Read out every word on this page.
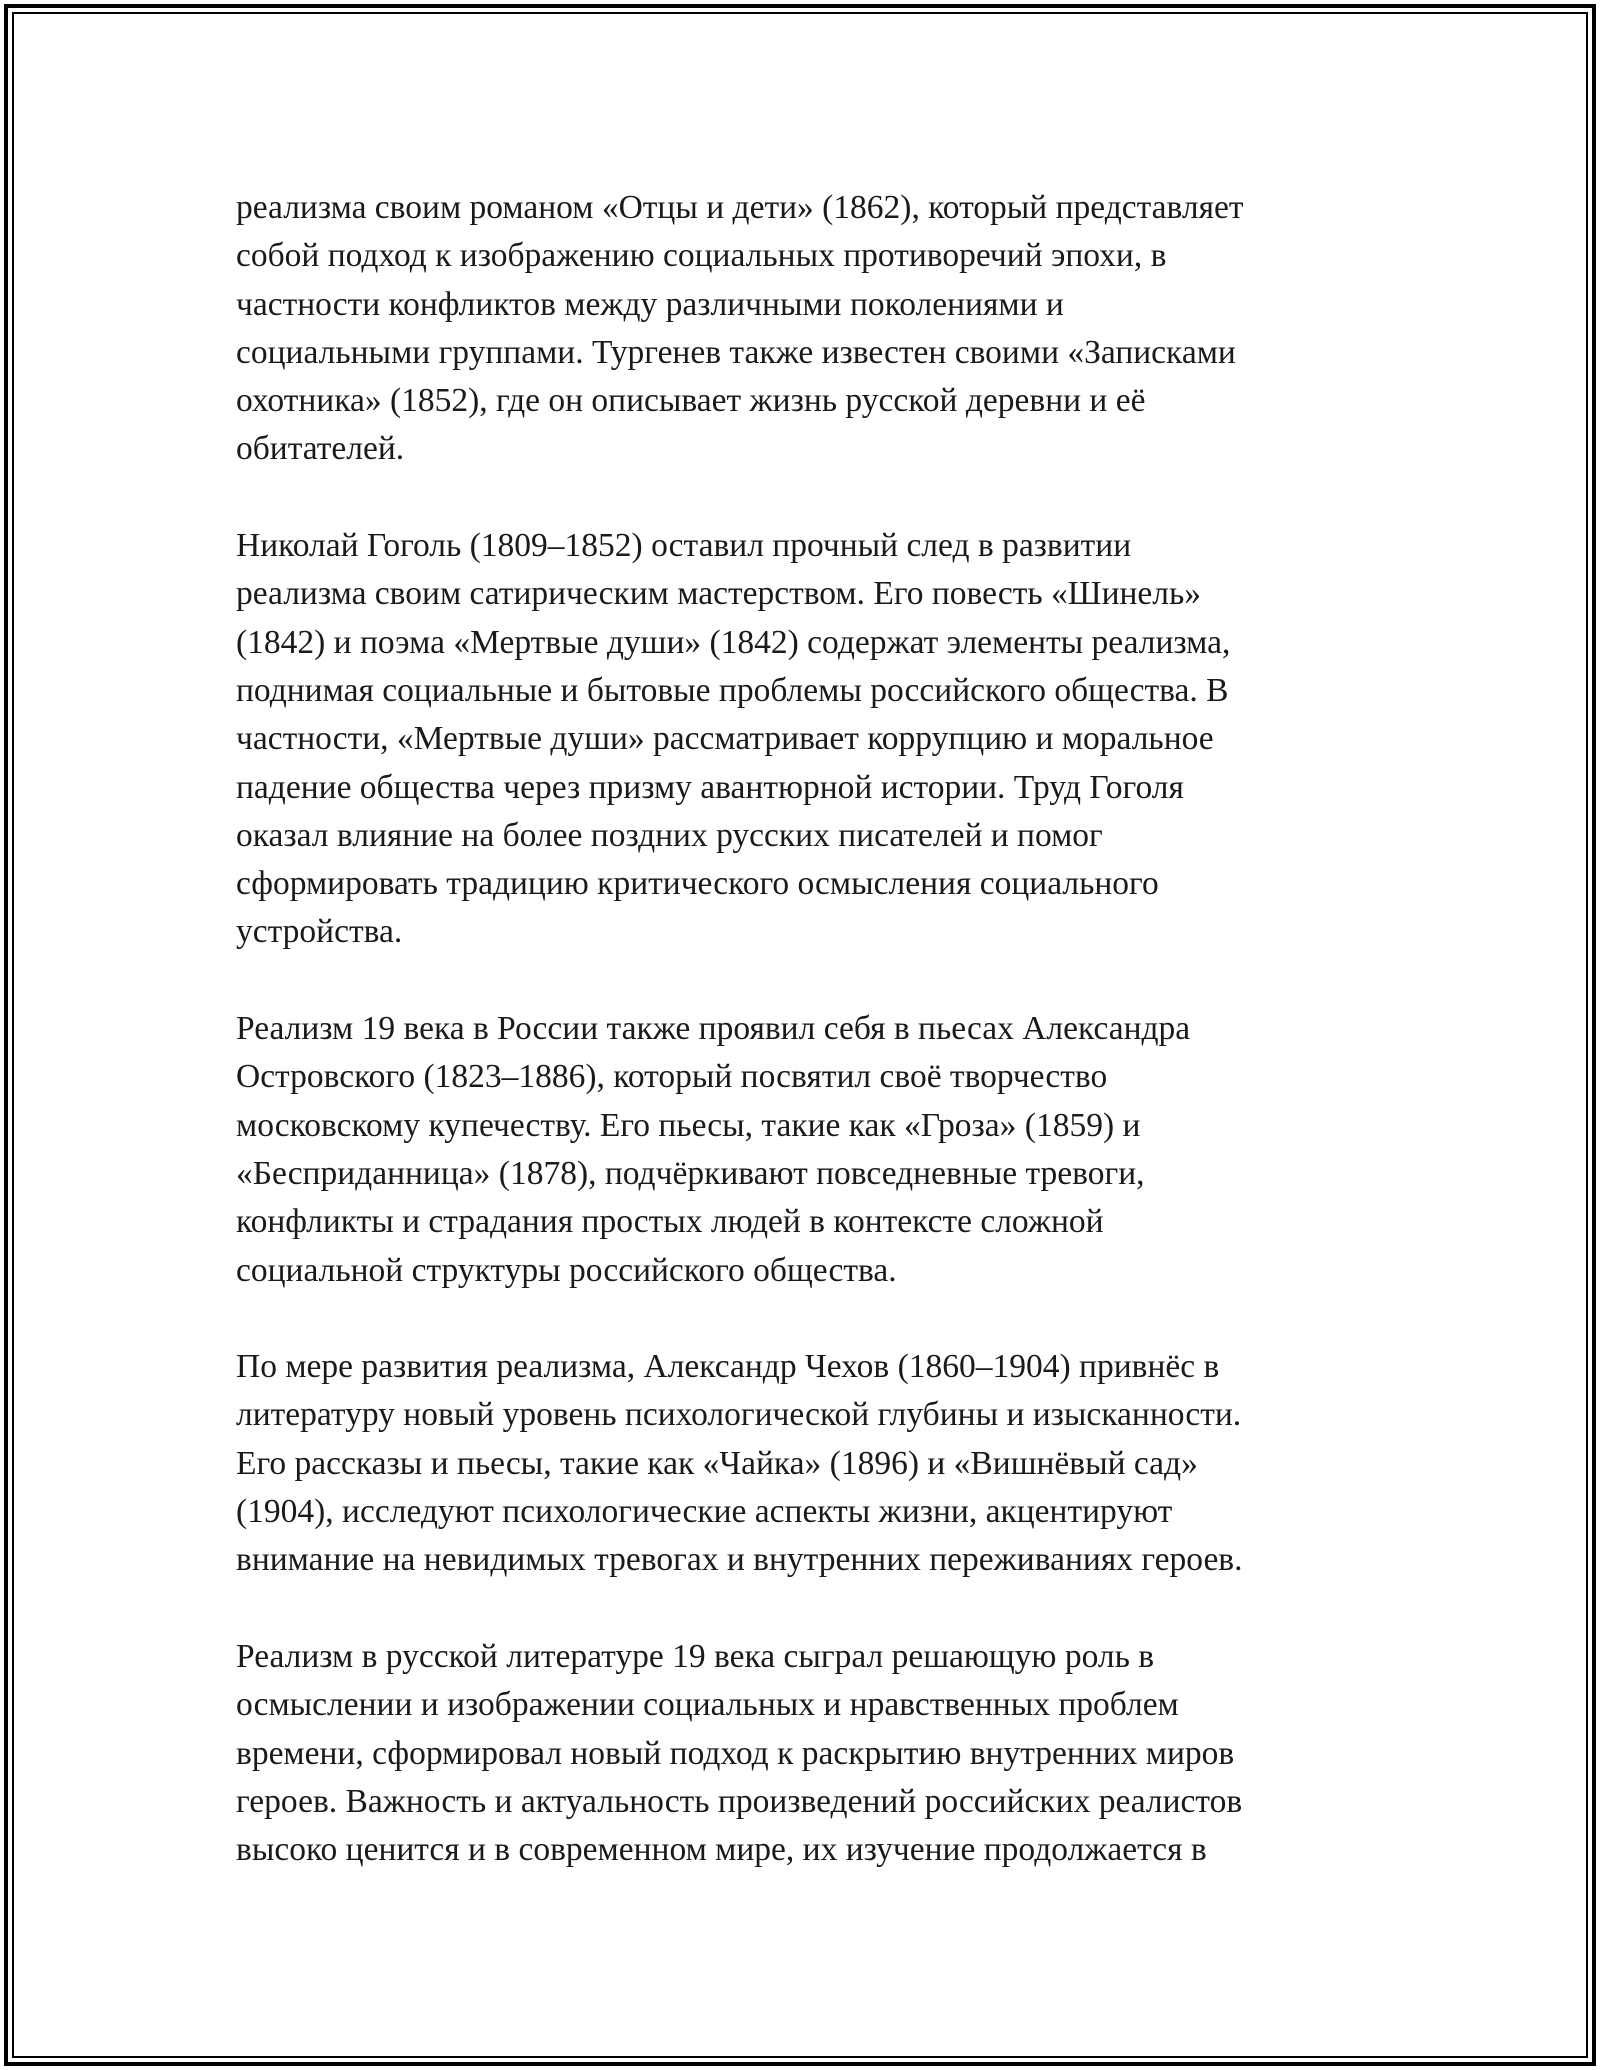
реализма своим романом «Отцы и дети» (1862), который представляет
собой подход к изображению социальных противоречий эпохи, в
частности конфликтов между различными поколениями и
социальными группами. Тургенев также известен своими «Записками
охотника» (1852), где он описывает жизнь русской деревни и её
обитателей.

Николай Гоголь (1809–1852) оставил прочный след в развитии
реализма своим сатирическим мастерством. Его повесть «Шинель»
(1842) и поэма «Мертвые души» (1842) содержат элементы реализма,
поднимая социальные и бытовые проблемы российского общества. В
частности, «Мертвые души» рассматривает коррупцию и моральное
падение общества через призму авантюрной истории. Труд Гоголя
оказал влияние на более поздних русских писателей и помог
сформировать традицию критического осмысления социального
устройства.

Реализм 19 века в России также проявил себя в пьесах Александра
Островского (1823–1886), который посвятил своё творчество
московскому купечеству. Его пьесы, такие как «Гроза» (1859) и
«Бесприданница» (1878), подчёркивают повседневные тревоги,
конфликты и страдания простых людей в контексте сложной
социальной структуры российского общества.

По мере развития реализма, Александр Чехов (1860–1904) привнёс в
литературу новый уровень психологической глубины и изысканности.
Его рассказы и пьесы, такие как «Чайка» (1896) и «Вишнёвый сад»
(1904), исследуют психологические аспекты жизни, акцентируют
внимание на невидимых тревогах и внутренних переживаниях героев.

Реализм в русской литературе 19 века сыграл решающую роль в
осмыслении и изображении социальных и нравственных проблем
времени, сформировал новый подход к раскрытию внутренних миров
героев. Важность и актуальность произведений российских реалистов
высоко ценится и в современном мире, их изучение продолжается в
